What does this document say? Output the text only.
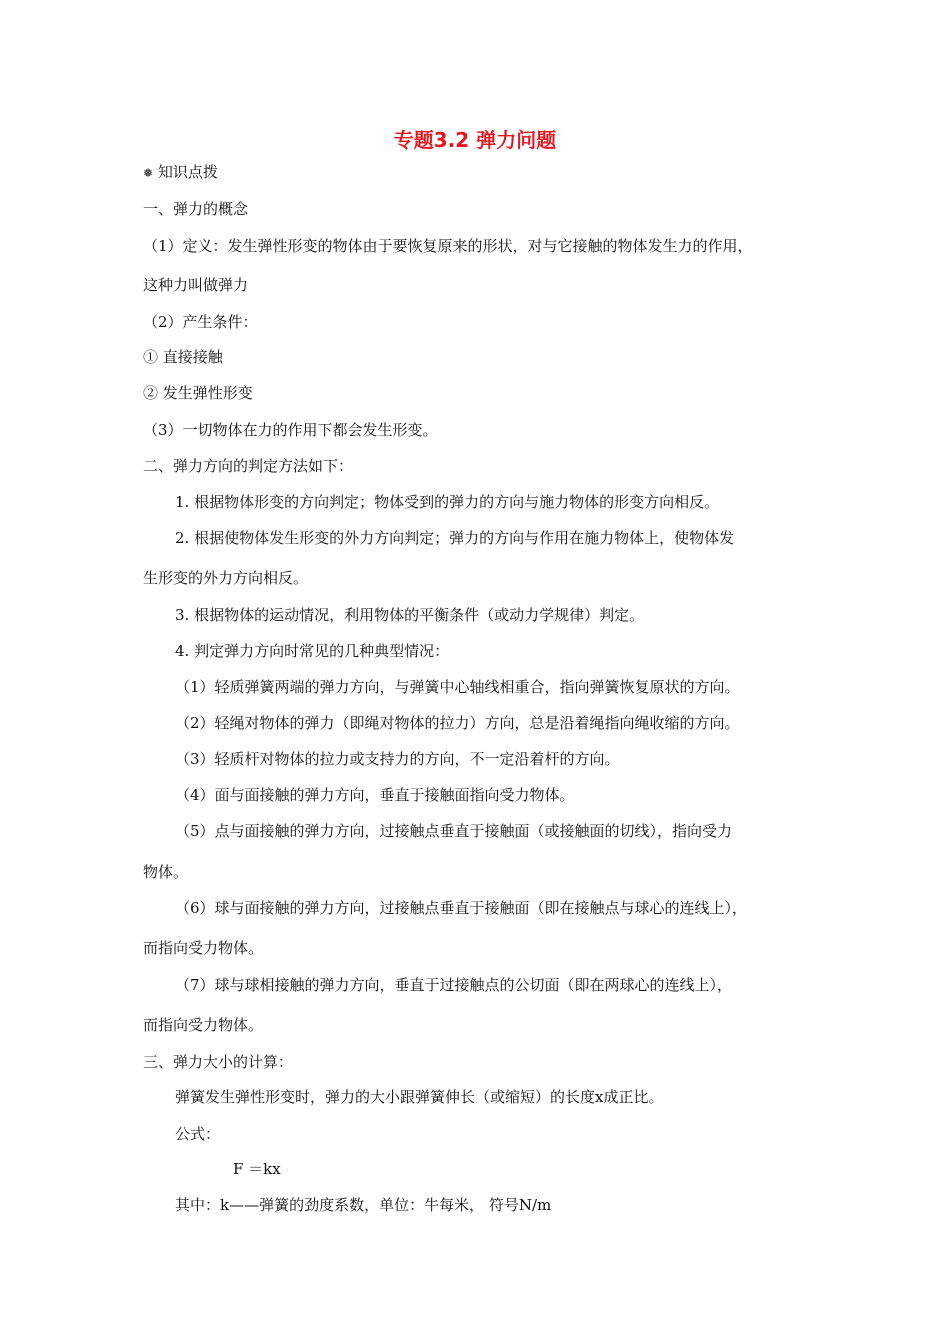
专题3.2 弹力问题
❅ 知识点拨
一、弹力的概念
（1）定义：发生弹性形变的物体由于要恢复原来的形状，对与它接触的物体发生力的作用，
这种力叫做弹力
（2）产生条件：
① 直接接触
② 发生弹性形变
（3）一切物体在力的作用下都会发生形变。
二、弹力方向的判定方法如下：
1. 根据物体形变的方向判定；物体受到的弹力的方向与施力物体的形变方向相反。
2. 根据使物体发生形变的外力方向判定；弹力的方向与作用在施力物体上，使物体发
生形变的外力方向相反。
3. 根据物体的运动情况，利用物体的平衡条件（或动力学规律）判定。
4. 判定弹力方向时常见的几种典型情况：
（1）轻质弹簧两端的弹力方向，与弹簧中心轴线相重合，指向弹簧恢复原状的方向。
（2）轻绳对物体的弹力（即绳对物体的拉力）方向，总是沿着绳指向绳收缩的方向。
（3）轻质杆对物体的拉力或支持力的方向，不一定沿着杆的方向。
（4）面与面接触的弹力方向，垂直于接触面指向受力物体。
（5）点与面接触的弹力方向，过接触点垂直于接触面（或接触面的切线），指向受力
物体。
（6）球与面接触的弹力方向，过接触点垂直于接触面（即在接触点与球心的连线上），
而指向受力物体。
（7）球与球相接触的弹力方向，垂直于过接触点的公切面（即在两球心的连线上），
而指向受力物体。
三、弹力大小的计算：
弹簧发生弹性形变时，弹力的大小跟弹簧伸长（或缩短）的长度x成正比。
公式：
F ＝kx
其中：k——弹簧的劲度系数，单位：牛每米， 符号N/m
